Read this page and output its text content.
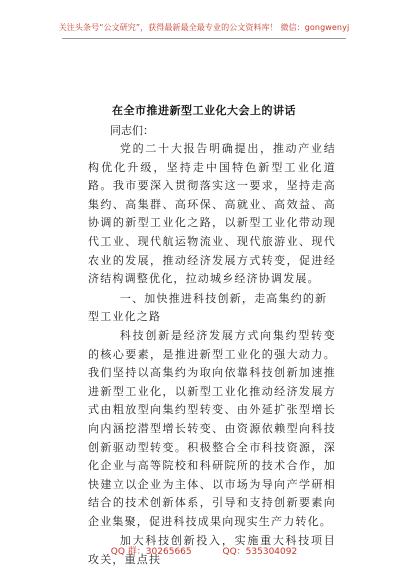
关注头条号“公文研究”，获得最新最全最专业的公文资料库！ 微信：gongwenyj
在全市推进新型工业化大会上的讲话
同志们：

党的二十大报告明确提出，推动产业结构优化升级，坚持走中国特色新型工业化道路。我市要深入贯彻落实这一要求，坚持走高集约、高集群、高环保、高就业、高效益、高协调的新型工业化之路，以新型工业化带动现代工业、现代航运物流业、现代旅游业、现代农业的发展，推动经济发展方式转变，促进经济结构调整优化，拉动城乡经济协调发展。

一、加快推进科技创新，走高集约的新型工业化之路

科技创新是经济发展方式向集约型转变的核心要素，是推进新型工业化的强大动力。我们坚持以高集约为取向依靠科技创新加速推进新型工业化，以新型工业化推动经济发展方式由粗放型向集约型转变、由外延扩张型增长向内涵挖潜型增长转变、由资源依赖型向科技创新驱动型转变。积极整合全市科技资源，深化企业与高等院校和科研院所的技术合作，加快建立以企业为主体、以市场为导向产学研相结合的技术创新体系，引导和支持创新要素向企业集聚，促进科技成果向现实生产力转化。

加大科技创新投入，实施重大科技项目攻关，重点扶

QQ 群：30265665	QQ：535304092
